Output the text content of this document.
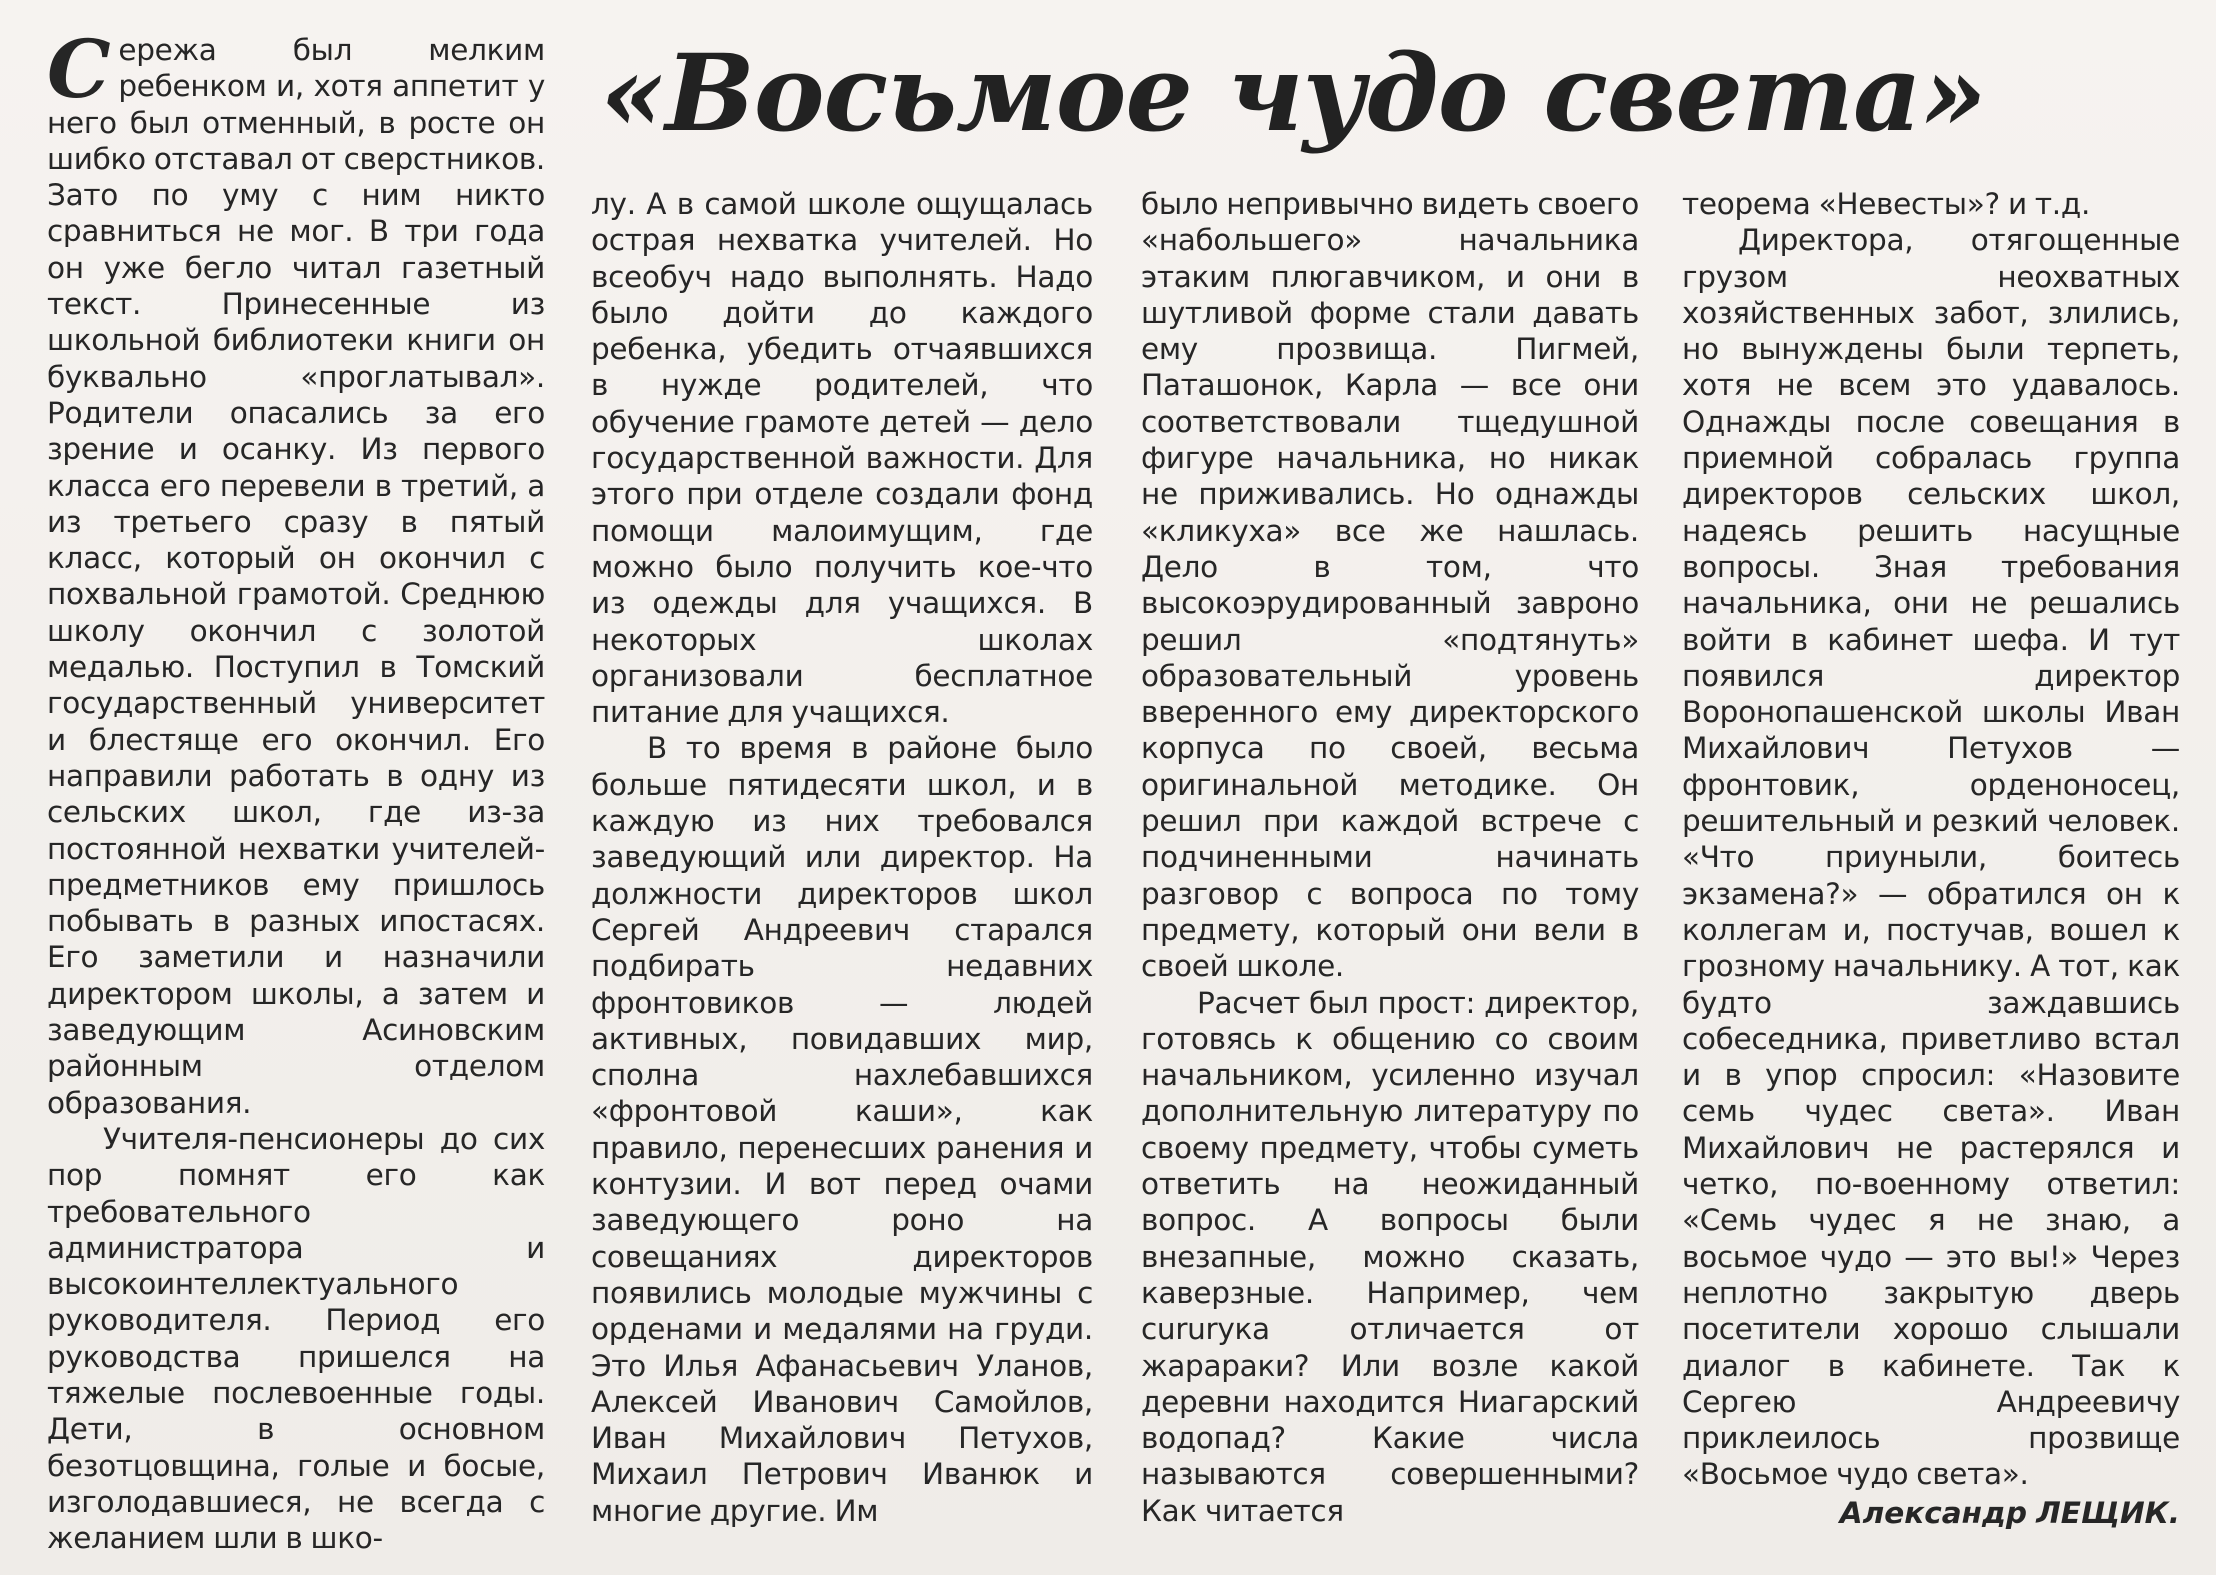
«Восьмое чудо света»

Сережа был мелким ребенком и, хотя аппетит у него был отменный, в росте он шибко отставал от сверстников. Зато по уму с ним никто сравниться не мог. В три года он уже бегло читал газетный текст. Принесенные из школьной библиотеки книги он буквально «проглатывал». Родители опасались за его зрение и осанку. Из первого класса его перевели в третий, а из третьего сразу в пятый класс, который он окончил с похвальной грамотой. Среднюю школу окончил с золотой медалью. Поступил в Томский государственный университет и блестяще его окончил. Его направили работать в одну из сельских школ, где из-за постоянной нехватки учителей-предметников ему пришлось побывать в разных ипостасях. Его заметили и назначили директором школы, а затем и заведующим Асиновским районным отделом образования.

Учителя-пенсионеры до сих пор помнят его как требовательного администратора и высокоинтеллектуального руководителя. Период его руководства пришелся на тяжелые послевоенные годы. Дети, в основном безотцовщина, голые и босые, изголодавшиеся, не всегда с желанием шли в шко-

лу. А в самой школе ощущалась острая нехватка учителей. Но всеобуч надо выполнять. Надо было дойти до каждого ребенка, убедить отчаявшихся в нужде родителей, что обучение грамоте детей — дело государственной важности. Для этого при отделе создали фонд помощи малоимущим, где можно было получить кое-что из одежды для учащихся. В некоторых школах организовали бесплатное питание для учащихся.

В то время в районе было больше пятидесяти школ, и в каждую из них требовался заведующий или директор. На должности директоров школ Сергей Андреевич старался подбирать недавних фронтовиков — людей активных, повидавших мир, сполна нахлебавшихся «фронтовой каши», как правило, перенесших ранения и контузии. И вот перед очами заведующего роно на совещаниях директоров появились молодые мужчины с орденами и медалями на груди. Это Илья Афанасьевич Уланов, Алексей Иванович Самойлов, Иван Михайлович Петухов, Михаил Петрович Иванюк и многие другие. Им

было непривычно видеть своего «набольшего» начальника этаким плюгавчиком, и они в шутливой форме стали давать ему прозвища. Пигмей, Паташонок, Карла — все они соответствовали тщедушной фигуре начальника, но никак не приживались. Но однажды «кликуха» все же нашлась. Дело в том, что высокоэрудированный завроно решил «подтянуть» образовательный уровень вверенного ему директорского корпуса по своей, весьма оригинальной методике. Он решил при каждой встрече с подчиненными начинать разговор с вопроса по тому предмету, который они вели в своей школе.

Расчет был прост: директор, готовясь к общению со своим начальником, усиленно изучал дополнительную литературу по своему предмету, чтобы суметь ответить на неожиданный вопрос. А вопросы были внезапные, можно сказать, каверзные. Например, чем сururука отличается от жарараки? Или возле какой деревни находится Ниагарский водопад? Какие числа называются совершенными? Как читается

теорема «Невесты»? и т.д.

Директора, отягощенные грузом неохватных хозяйственных забот, злились, но вынуждены были терпеть, хотя не всем это удавалось. Однажды после совещания в приемной собралась группа директоров сельских школ, надеясь решить насущные вопросы. Зная требования начальника, они не решались войти в кабинет шефа. И тут появился директор Воронопашенской школы Иван Михайлович Петухов — фронтовик, орденоносец, решительный и резкий человек. «Что приуныли, боитесь экзамена?» — обратился он к коллегам и, постучав, вошел к грозному начальнику. А тот, как будто заждавшись собеседника, приветливо встал и в упор спросил: «Назовите семь чудес света». Иван Михайлович не растерялся и четко, по-военному ответил: «Семь чудес я не знаю, а восьмое чудо — это вы!» Через неплотно закрытую дверь посетители хорошо слышали диалог в кабинете. Так к Сергею Андреевичу приклеилось прозвище «Восьмое чудо света».

Александр ЛЕЩИК.
